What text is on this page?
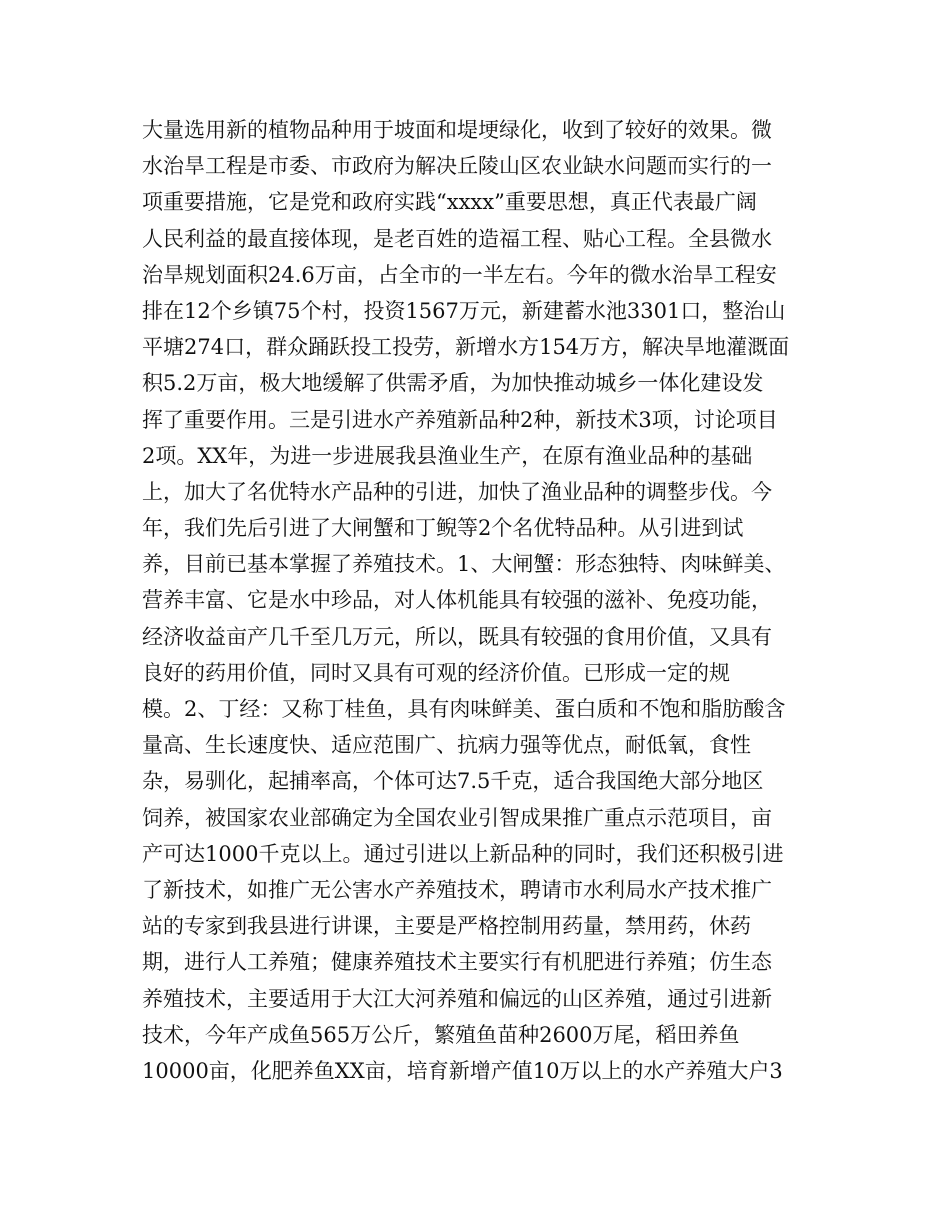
大量选用新的植物品种用于坡面和堤埂绿化，收到了较好的效果。微
水治旱工程是市委、市政府为解决丘陵山区农业缺水问题而实行的一
项重要措施，它是党和政府实践“xxxx”重要思想，真正代表最广阔
人民利益的最直接体现，是老百姓的造福工程、贴心工程。全县微水
治旱规划面积24.6万亩，占全市的一半左右。今年的微水治旱工程安
排在12个乡镇75个村，投资1567万元，新建蓄水池3301口，整治山
平塘274口，群众踊跃投工投劳，新增水方154万方，解决旱地灌溉面
积5.2万亩，极大地缓解了供需矛盾，为加快推动城乡一体化建设发
挥了重要作用。三是引进水产养殖新品种2种，新技术3项，讨论项目
2项。XX年，为进一步进展我县渔业生产，在原有渔业品种的基础
上，加大了名优特水产品种的引进，加快了渔业品种的调整步伐。今
年，我们先后引进了大闸蟹和丁鲵等2个名优特品种。从引进到试
养，目前已基本掌握了养殖技术。1、大闸蟹：形态独特、肉味鲜美、
营养丰富、它是水中珍品，对人体机能具有较强的滋补、免疫功能，
经济收益亩产几千至几万元，所以，既具有较强的食用价值，又具有
良好的药用价值，同时又具有可观的经济价值。已形成一定的规
模。2、丁经：又称丁桂鱼，具有肉味鲜美、蛋白质和不饱和脂肪酸含
量高、生长速度快、适应范围广、抗病力强等优点，耐低氧，食性
杂，易驯化，起捕率高，个体可达7.5千克，适合我国绝大部分地区
饲养，被国家农业部确定为全国农业引智成果推广重点示范项目，亩
产可达1000千克以上。通过引进以上新品种的同时，我们还积极引进
了新技术，如推广无公害水产养殖技术，聘请市水利局水产技术推广
站的专家到我县进行讲课，主要是严格控制用药量，禁用药，休药
期，进行人工养殖；健康养殖技术主要实行有机肥进行养殖；仿生态
养殖技术，主要适用于大江大河养殖和偏远的山区养殖，通过引进新
技术，今年产成鱼565万公斤，繁殖鱼苗种2600万尾，稻田养鱼
10000亩，化肥养鱼XX亩，培育新增产值10万以上的水产养殖大户3
